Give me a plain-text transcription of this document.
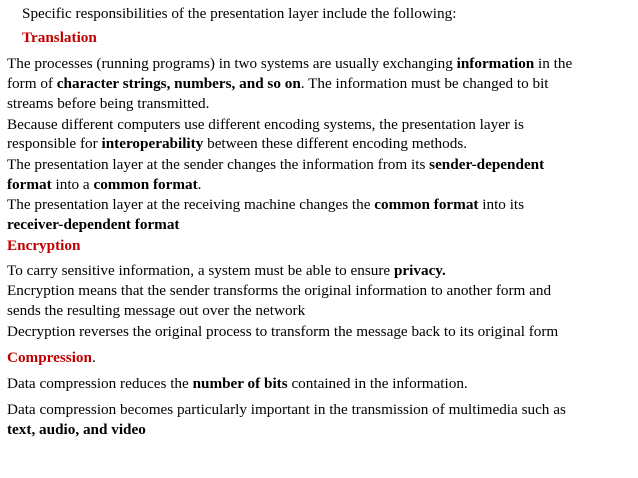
Specific responsibilities of the presentation layer include the following:
Translation
The processes (running programs) in two systems are usually exchanging information in the
form of character strings, numbers, and so on. The information must be changed to bit
streams before being transmitted.
Because different computers use different encoding systems, the presentation layer is
responsible for interoperability between these different encoding methods.
The presentation layer at the sender changes the information from its sender-dependent
format into a common format.
The presentation layer at the receiving machine changes the common format into its
receiver-dependent format
Encryption
To carry sensitive information, a system must be able to ensure privacy.
Encryption means that the sender transforms the original information to another form and
sends the resulting message out over the network
Decryption reverses the original process to transform the message back to its original form
Compression.
Data compression reduces the number of bits contained in the information.
Data compression becomes particularly important in the transmission of multimedia such as
text, audio, and video
